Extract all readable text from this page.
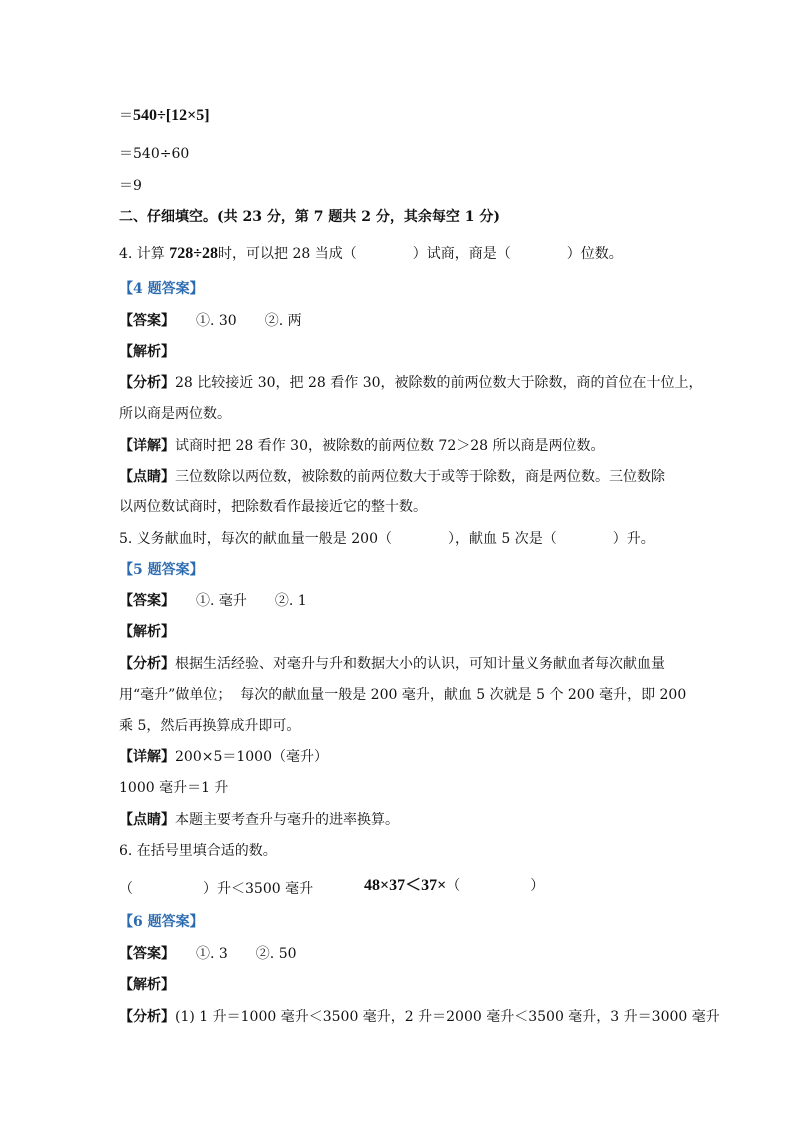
＝540÷[12×5]
＝540÷60
＝9
二、仔细填空。(共 23 分，第 7 题共 2 分，其余每空 1 分)
4. 计算 728÷28时，可以把 28 当成（　　　　）试商，商是（　　　　）位数。
【4 题答案】
【答案】　　 ①. 30　　②. 两
【解析】
【分析】28 比较接近 30，把 28 看作 30，被除数的前两位数大于除数，商的首位在十位上，
所以商是两位数。
【详解】试商时把 28 看作 30，被除数的前两位数 72＞28 所以商是两位数。
【点睛】三位数除以两位数，被除数的前两位数大于或等于除数，商是两位数。三位数除
以两位数试商时，把除数看作最接近它的整十数。
5. 义务献血时，每次的献血量一般是 200（　　　　），献血 5 次是（　　　　）升。
【5 题答案】
【答案】　　 ①. 毫升　　②. 1
【解析】
【分析】根据生活经验、对毫升与升和数据大小的认识，可知计量义务献血者每次献血量
用“毫升”做单位；  每次的献血量一般是 200 毫升，献血 5 次就是 5 个 200 毫升，即 200
乘 5，然后再换算成升即可。
【详解】200×5＝1000（毫升）
1000 毫升＝1 升
【点睛】本题主要考查升与毫升的进率换算。
6. 在括号里填合适的数。
（　　　　　）升＜3500 毫升	48×37＜37×（　　　　　）
【6 题答案】
【答案】　　 ①. 3　　②. 50
【解析】
【分析】(1) 1 升＝1000 毫升＜3500 毫升，2 升＝2000 毫升＜3500 毫升，3 升＝3000 毫升
